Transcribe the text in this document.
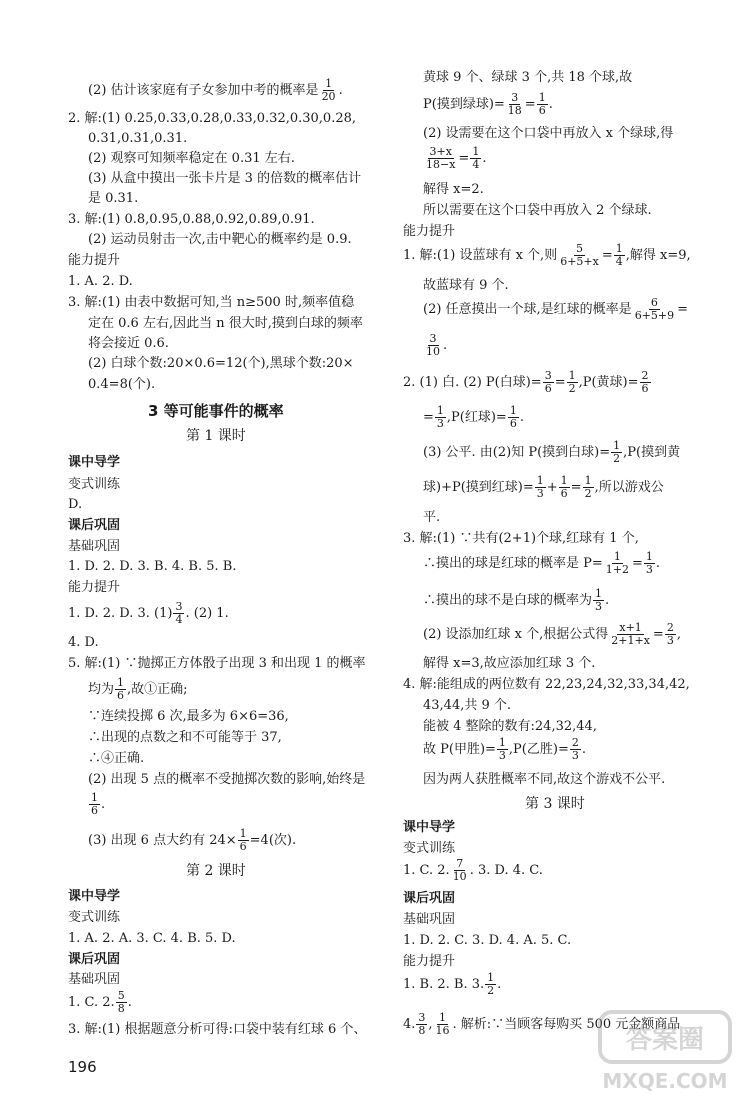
(2) 估计该家庭有子女参加中考的概率是 $\frac{1}{20}$ .
2. 解:(1) 0.25,0.33,0.28,0.33,0.32,0.30,0.28,
0.31,0.31,0.31.
(2) 观察可知频率稳定在 0.31 左右.
(3) 从盒中摸出一张卡片是 3 的倍数的概率估计
是 0.31.
3. 解:(1) 0.8,0.95,0.88,0.92,0.89,0.91.
(2) 运动员射击一次,击中靶心的概率约是 0.9.
能力提升
1. A. 2. D.
3. 解:(1) 由表中数据可知,当 n≥500 时,频率值稳
定在 0.6 左右,因此当 n 很大时,摸到白球的频率
将会接近 0.6.
(2) 白球个数:20×0.6=12(个),黑球个数:20×
0.4=8(个).
3 等可能事件的概率
第 1 课时
课中导学
变式训练
D.
课后巩固
基础巩固
1. D. 2. D. 3. B. 4. B. 5. B.
能力提升
1. D. 2. D. 3. $(1) \frac{3}{4}$ . (2) 1.
4. D.
5. 解:(1) ∵抛掷正方体骰子出现 3 和出现 1 的概率
均为 $\frac{1}{6}$ ,故①正确;
∵连续投掷 6 次,最多为 6×6=36,
∴出现的点数之和不可能等于 37,
∴④正确.
(2) 出现 5 点的概率不受抛掷次数的影响,始终是
$\frac{1}{6}$ .
(3) 出现 6 点大约有 $24\times \frac{1}{6} =4$(次).
第 2 课时
课中导学
变式训练
1. A. 2. A. 3. C. 4. B. 5. D.
课后巩固
基础巩固
1. C. 2. $\frac{5}{8}$ .
3. 解:(1) 根据题意分析可得:口袋中装有红球 6 个、
196
黄球 9 个、绿球 3 个,共 18 个球,故
P(摸到绿球)= $\frac{3}{18} = \frac{1}{6}$ .
(2) 设需要在这个口袋中再放入 x 个绿球,得
$\frac{3+x}{18-x} = \frac{1}{4}$ .
解得 x=2.
所以需要在这个口袋中再放入 2 个绿球.
能力提升
1. 解:(1) 设蓝球有 x 个,则 $\frac{5}{6+5+x} = \frac{1}{4}$ ,解得 x=9,
故蓝球有 9 个.
(2) 任意摸出一个球,是红球的概率是 $\frac{6}{6+5+9}$ =
$\frac{3}{10}$ .
2. (1) 白. (2) P(白球)= $\frac{3}{6} = \frac{1}{2} ,P$(黄球)= $\frac{2}{6}$
= $\frac{1}{3} ,P$(红球)= $\frac{1}{6}$ .
(3) 公平. 由(2)知 P(摸到白球)= $\frac{1}{2} ,P$(摸到黄
球)+P(摸到红球)= $\frac{1}{3} + \frac{1}{6} = \frac{1}{2}$ ,所以游戏公
平.
3. 解:(1) ∵共有(2+1)个球,红球有 1 个,
∴摸出的球是红球的概率是 $P= \frac{1}{1+2} = \frac{1}{3}$ .
∴摸出的球不是白球的概率为 $\frac{1}{3}$ .
(2) 设添加红球 x 个,根据公式得 $\frac{x+1}{2+1+x} = \frac{2}{3}$ ,
解得 x=3,故应添加红球 3 个.
4. 解:能组成的两位数有 22,23,24,32,33,34,42,
43,44,共 9 个.
能被 4 整除的数有:24,32,44,
故 P(甲胜)= $\frac{1}{3} ,P$(乙胜)= $\frac{2}{3}$ .
因为两人获胜概率不同,故这个游戏不公平.
第 3 课时
课中导学
变式训练
1. C. 2. $\frac{7}{10}$ . 3. D. 4. C.
课后巩固
基础巩固
1. D. 2. C. 3. D. 4. A. 5. C.
能力提升
1. B. 2. B. 3. $\frac{1}{2}$ .
4. $\frac{3}{8}$ , $\frac{1}{16}$ . 解析:∵当顾客每购买 500 元金额商品
答案圈
MXQE.COM
